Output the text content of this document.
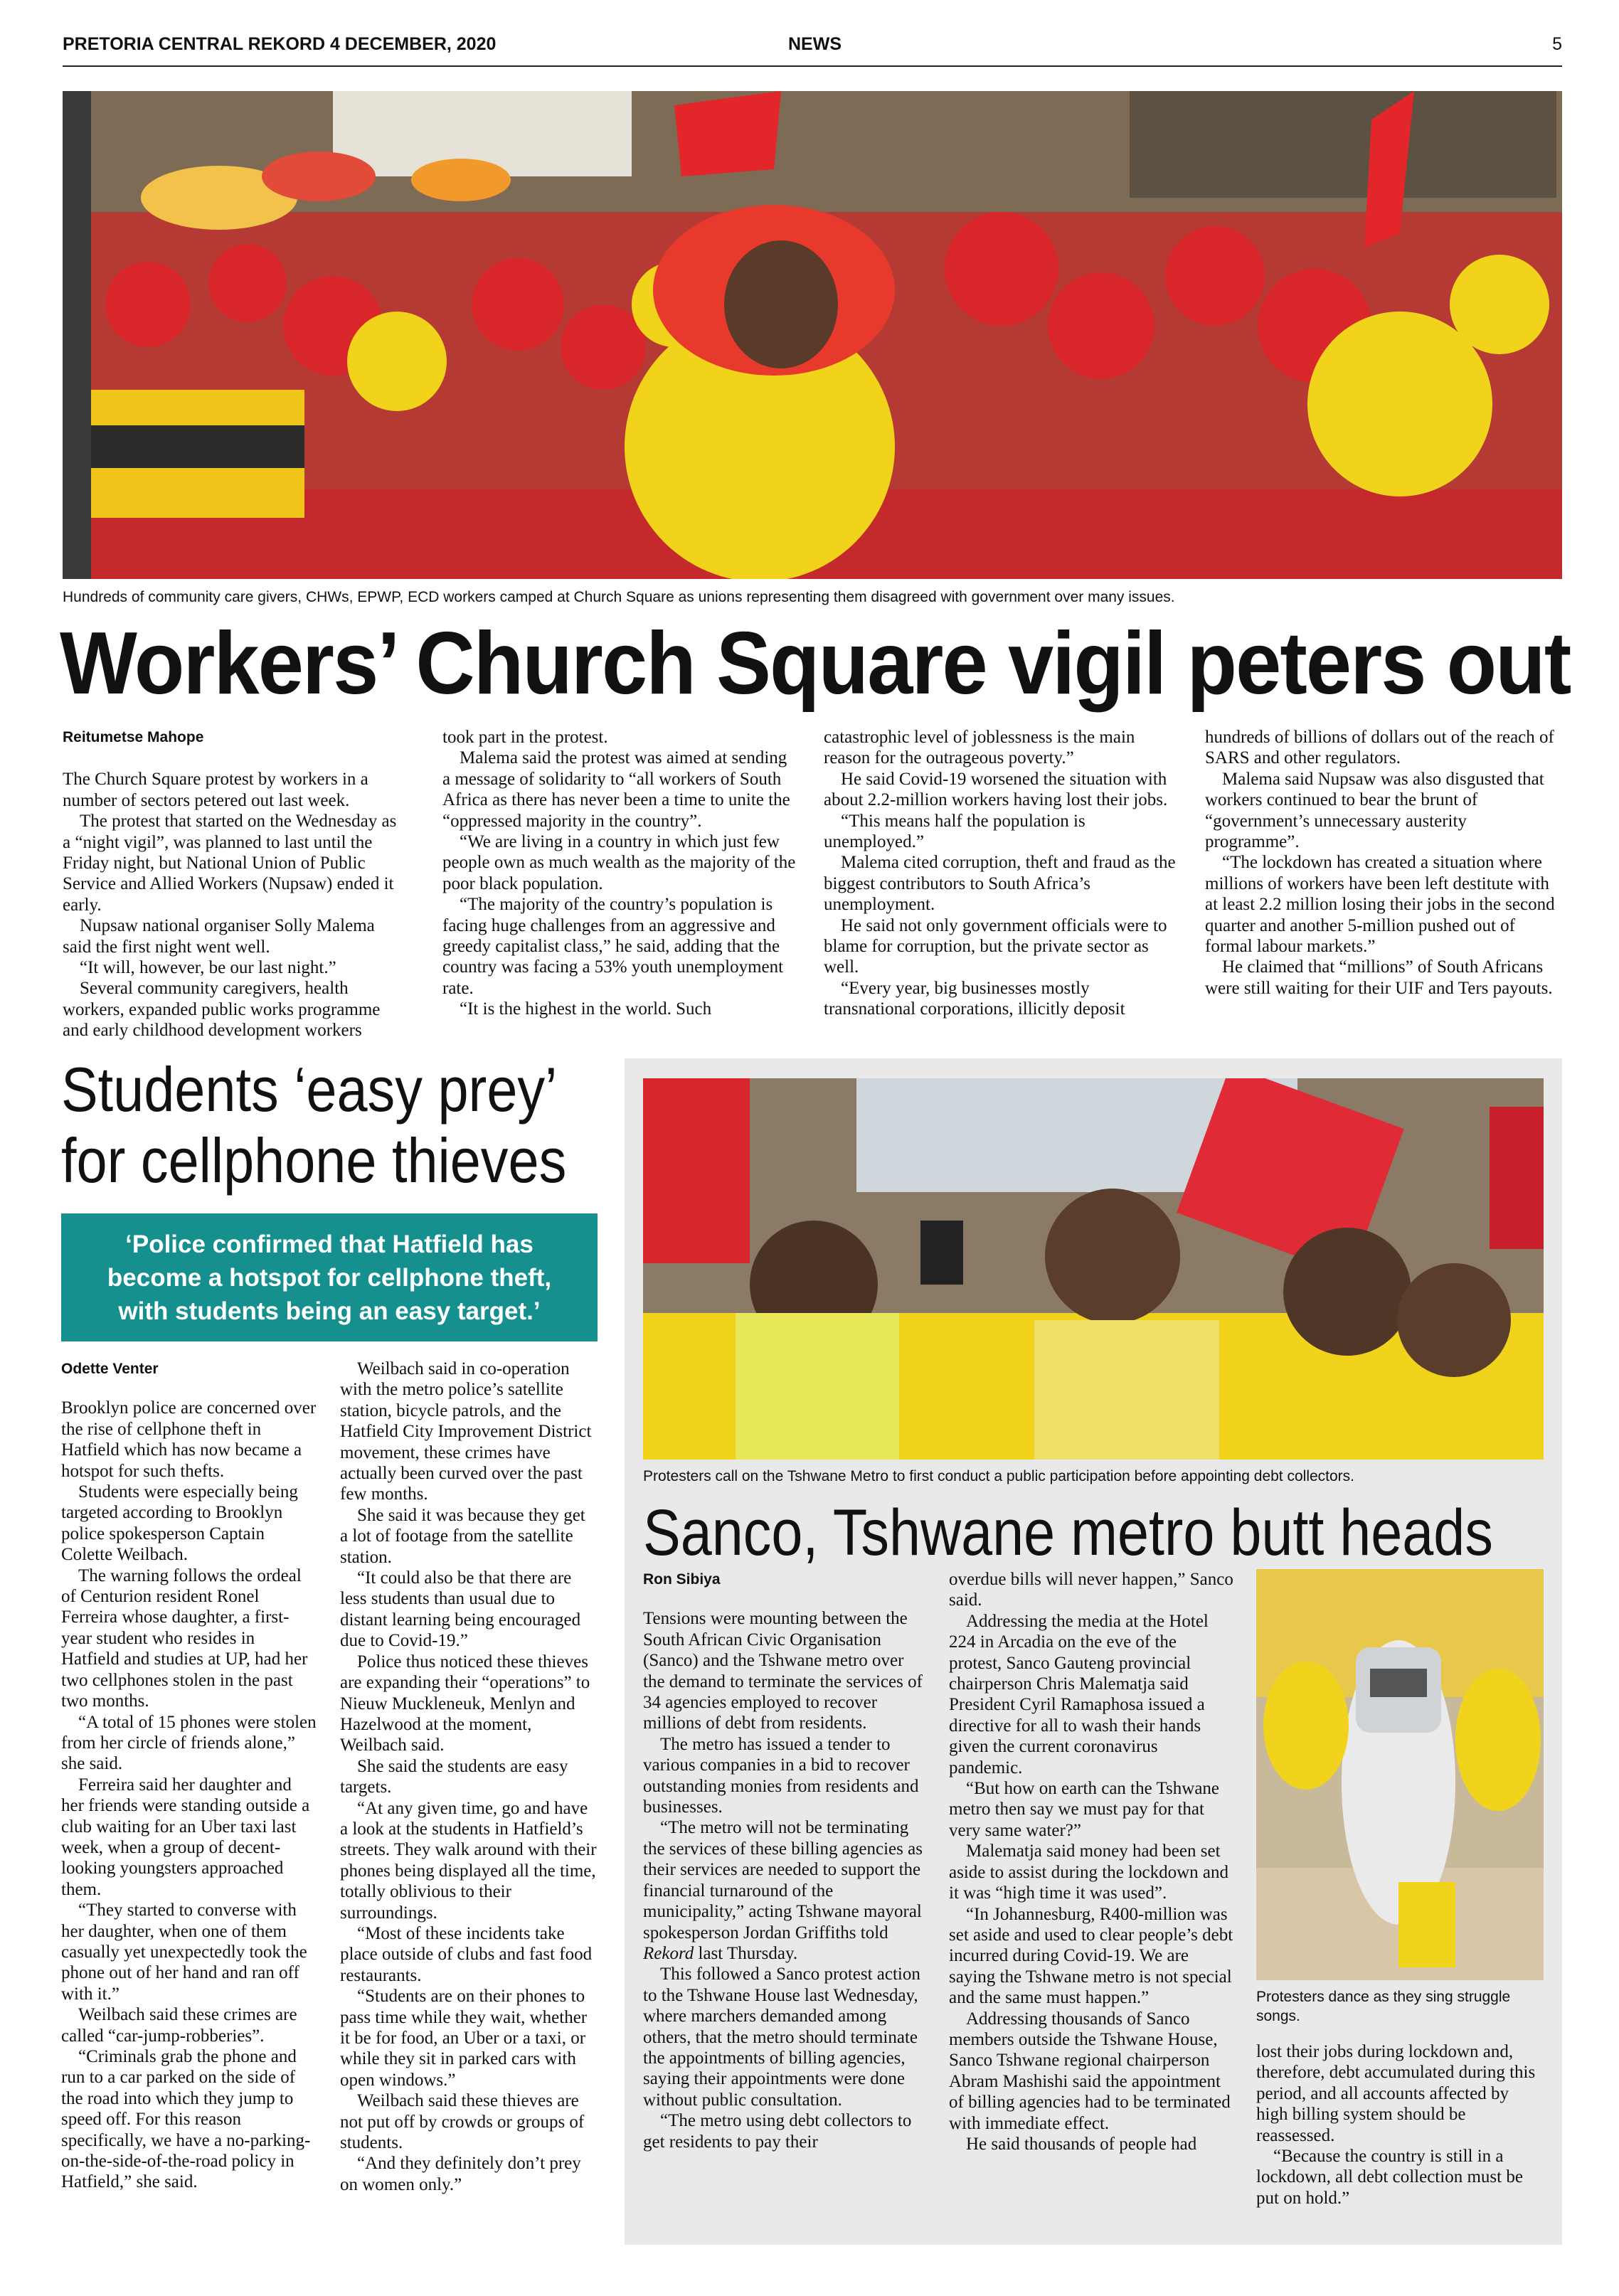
PRETORIA CENTRAL REKORD 4 DECEMBER, 2020	NEWS	5
Hundreds of community care givers, CHWs, EPWP, ECD workers camped at Church Square as unions representing them disagreed with government over many issues.
Workers’ Church Square vigil peters out
Reitumetse Mahope

The Church Square protest by workers in a number of sectors petered out last week.

The protest that started on the Wednesday as a “night vigil”, was planned to last until the Friday night, but National Union of Public Service and Allied Workers (Nupsaw) ended it early.

Nupsaw national organiser Solly Malema said the first night went well.

“It will, however, be our last night.”

Several community caregivers, health workers, expanded public works programme and early childhood development workers

took part in the protest.

Malema said the protest was aimed at sending a message of solidarity to “all workers of South Africa as there has never been a time to unite the “oppressed majority in the country”.

“We are living in a country in which just few people own as much wealth as the majority of the poor black population.

“The majority of the country’s population is facing huge challenges from an aggressive and greedy capitalist class,” he said, adding that the country was facing a 53% youth unemployment rate.

“It is the highest in the world. Such

catastrophic level of joblessness is the main reason for the outrageous poverty.”

He said Covid-19 worsened the situation with about 2.2-million workers having lost their jobs.

“This means half the population is unemployed.”

Malema cited corruption, theft and fraud as the biggest contributors to South Africa’s unemployment.

He said not only government officials were to blame for corruption, but the private sector as well.

“Every year, big businesses mostly transnational corporations, illicitly deposit

hundreds of billions of dollars out of the reach of SARS and other regulators.

Malema said Nupsaw was also disgusted that workers continued to bear the brunt of “government’s unnecessary austerity programme”.

“The lockdown has created a situation where millions of workers have been left destitute with at least 2.2 million losing their jobs in the second quarter and another 5-million pushed out of formal labour markets.”

He claimed that “millions” of South Africans were still waiting for their UIF and Ters payouts.

Students ‘easy prey’
for cellphone thieves
‘Police confirmed that Hatfield has become a hotspot for cellphone theft, with students being an easy target.’
Odette Venter

Brooklyn police are concerned over the rise of cellphone theft in Hatfield which has now became a hotspot for such thefts.

Students were especially being targeted according to Brooklyn police spokesperson Captain Colette Weilbach.

The warning follows the ordeal of Centurion resident Ronel Ferreira whose daughter, a first-year student who resides in Hatfield and studies at UP, had her two cellphones stolen in the past two months.

“A total of 15 phones were stolen from her circle of friends alone,” she said.

Ferreira said her daughter and her friends were standing outside a club waiting for an Uber taxi last week, when a group of decent-looking youngsters approached them.

“They started to converse with her daughter, when one of them casually yet unexpectedly took the phone out of her hand and ran off with it.”

Weilbach said these crimes are called “car-jump-robberies”.

“Criminals grab the phone and run to a car parked on the side of the road into which they jump to speed off. For this reason specifically, we have a no-parking-on-the-side-of-the-road policy in Hatfield,” she said.

Weilbach said in co-operation with the metro police’s satellite station, bicycle patrols, and the Hatfield City Improvement District movement, these crimes have actually been curved over the past few months.

She said it was because they get a lot of footage from the satellite station.

“It could also be that there are less students than usual due to distant learning being encouraged due to Covid-19.”

Police thus noticed these thieves are expanding their “operations” to Nieuw Muckleneuk, Menlyn and Hazelwood at the moment, Weilbach said.

She said the students are easy targets.

“At any given time, go and have a look at the students in Hatfield’s streets. They walk around with their phones being displayed all the time, totally oblivious to their surroundings.

“Most of these incidents take place outside of clubs and fast food restaurants.

“Students are on their phones to pass time while they wait, whether it be for food, an Uber or a taxi, or while they sit in parked cars with open windows.”

Weilbach said these thieves are not put off by crowds or groups of students.

“And they definitely don’t prey on women only.”

Protesters call on the Tshwane Metro to first conduct a public participation before appointing debt collectors.
Sanco, Tshwane metro butt heads
Ron Sibiya

Tensions were mounting between the South African Civic Organisation (Sanco) and the Tshwane metro over the demand to terminate the services of 34 agencies employed to recover millions of debt from residents.

The metro has issued a tender to various companies in a bid to recover outstanding monies from residents and businesses.

“The metro will not be terminating the services of these billing agencies as their services are needed to support the financial turnaround of the municipality,” acting Tshwane mayoral spokesperson Jordan Griffiths told

Rekord last Thursday.

This followed a Sanco protest action to the Tshwane House last Wednesday, where marchers demanded among others, that the metro should terminate the appointments of billing agencies, saying their appointments were done without public consultation.

“The metro using debt collectors to get residents to pay their

overdue bills will never happen,” Sanco said.

Addressing the media at the Hotel 224 in Arcadia on the eve of the protest, Sanco Gauteng provincial chairperson Chris Malematja said President Cyril Ramaphosa issued a directive for all to wash their hands given the current coronavirus pandemic.

“But how on earth can the Tshwane metro then say we must pay for that very same water?”

Malematja said money had been set aside to assist during the lockdown and it was “high time it was used”.

“In Johannesburg, R400-million was set aside and used to clear people’s debt incurred during Covid-19. We are saying the Tshwane metro is not special and the same must happen.”

Addressing thousands of Sanco members outside the Tshwane House, Sanco Tshwane regional chairperson Abram Mashishi said the appointment of billing agencies had to be terminated with immediate effect.

He said thousands of people had

Protesters dance as they sing struggle songs.

lost their jobs during lockdown and, therefore, debt accumulated during this period, and all accounts affected by high billing system should be reassessed.

“Because the country is still in a lockdown, all debt collection must be put on hold.”
